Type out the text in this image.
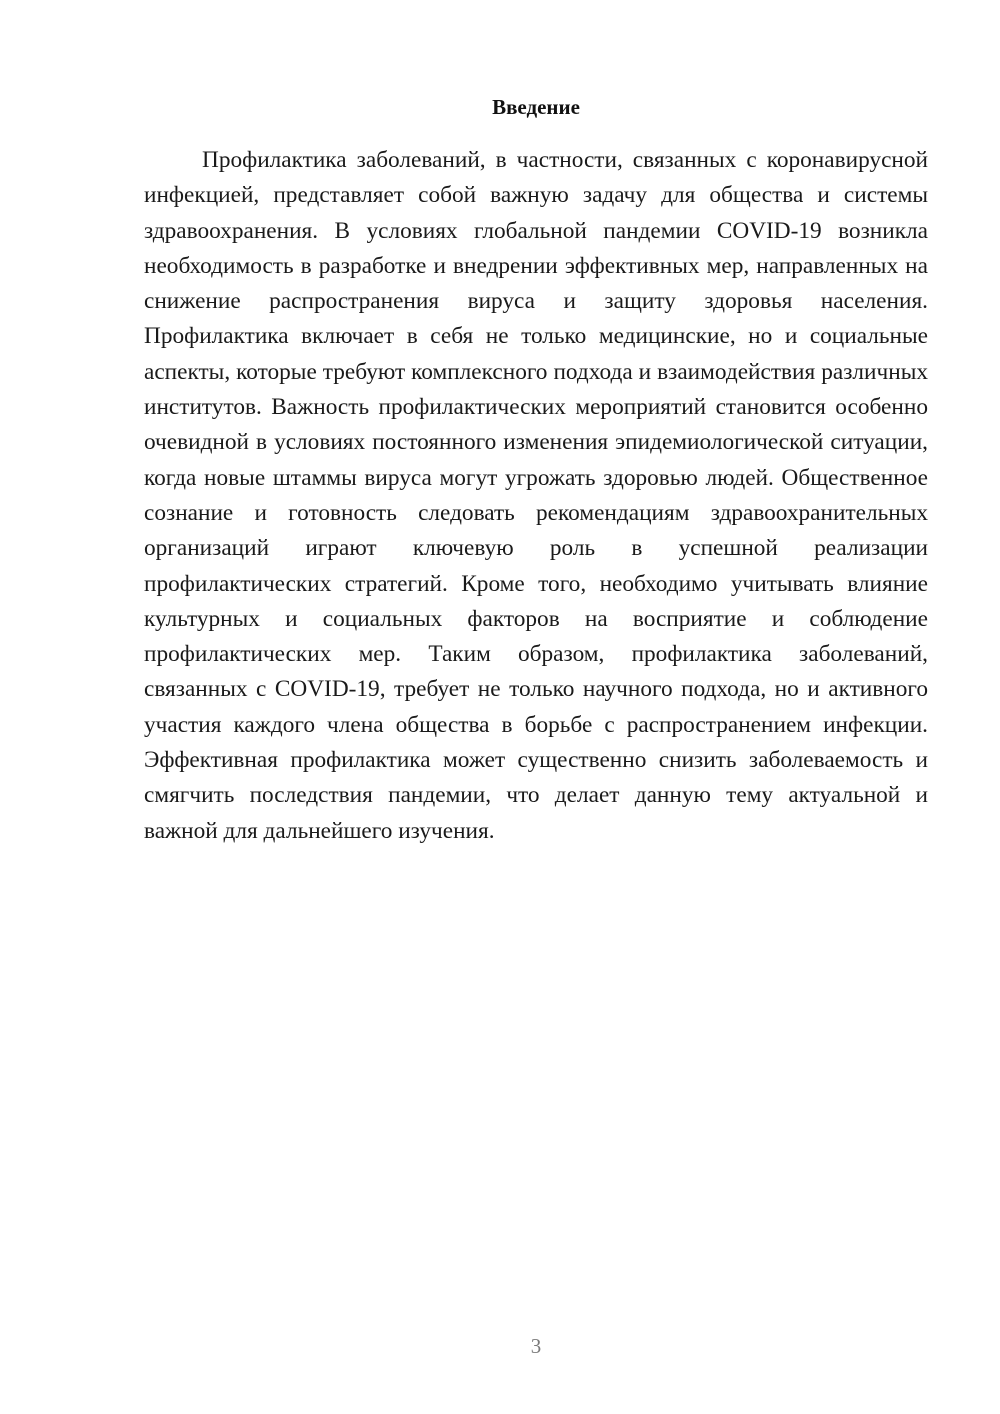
Введение

Профилактика заболеваний, в частности, связанных с коронавирусной инфекцией, представляет собой важную задачу для общества и системы здравоохранения. В условиях глобальной пандемии COVID-19 возникла необходимость в разработке и внедрении эффективных мер, направленных на снижение распространения вируса и защиту здоровья населения. Профилактика включает в себя не только медицинские, но и социальные аспекты, которые требуют комплексного подхода и взаимодействия различных институтов. Важность профилактических мероприятий становится особенно очевидной в условиях постоянного изменения эпидемиологической ситуации, когда новые штаммы вируса могут угрожать здоровью людей. Общественное сознание и готовность следовать рекомендациям здравоохранительных организаций играют ключевую роль в успешной реализации профилактических стратегий. Кроме того, необходимо учитывать влияние культурных и социальных факторов на восприятие и соблюдение профилактических мер. Таким образом, профилактика заболеваний, связанных с COVID-19, требует не только научного подхода, но и активного участия каждого члена общества в борьбе с распространением инфекции. Эффективная профилактика может существенно снизить заболеваемость и смягчить последствия пандемии, что делает данную тему актуальной и важной для дальнейшего изучения.

3
